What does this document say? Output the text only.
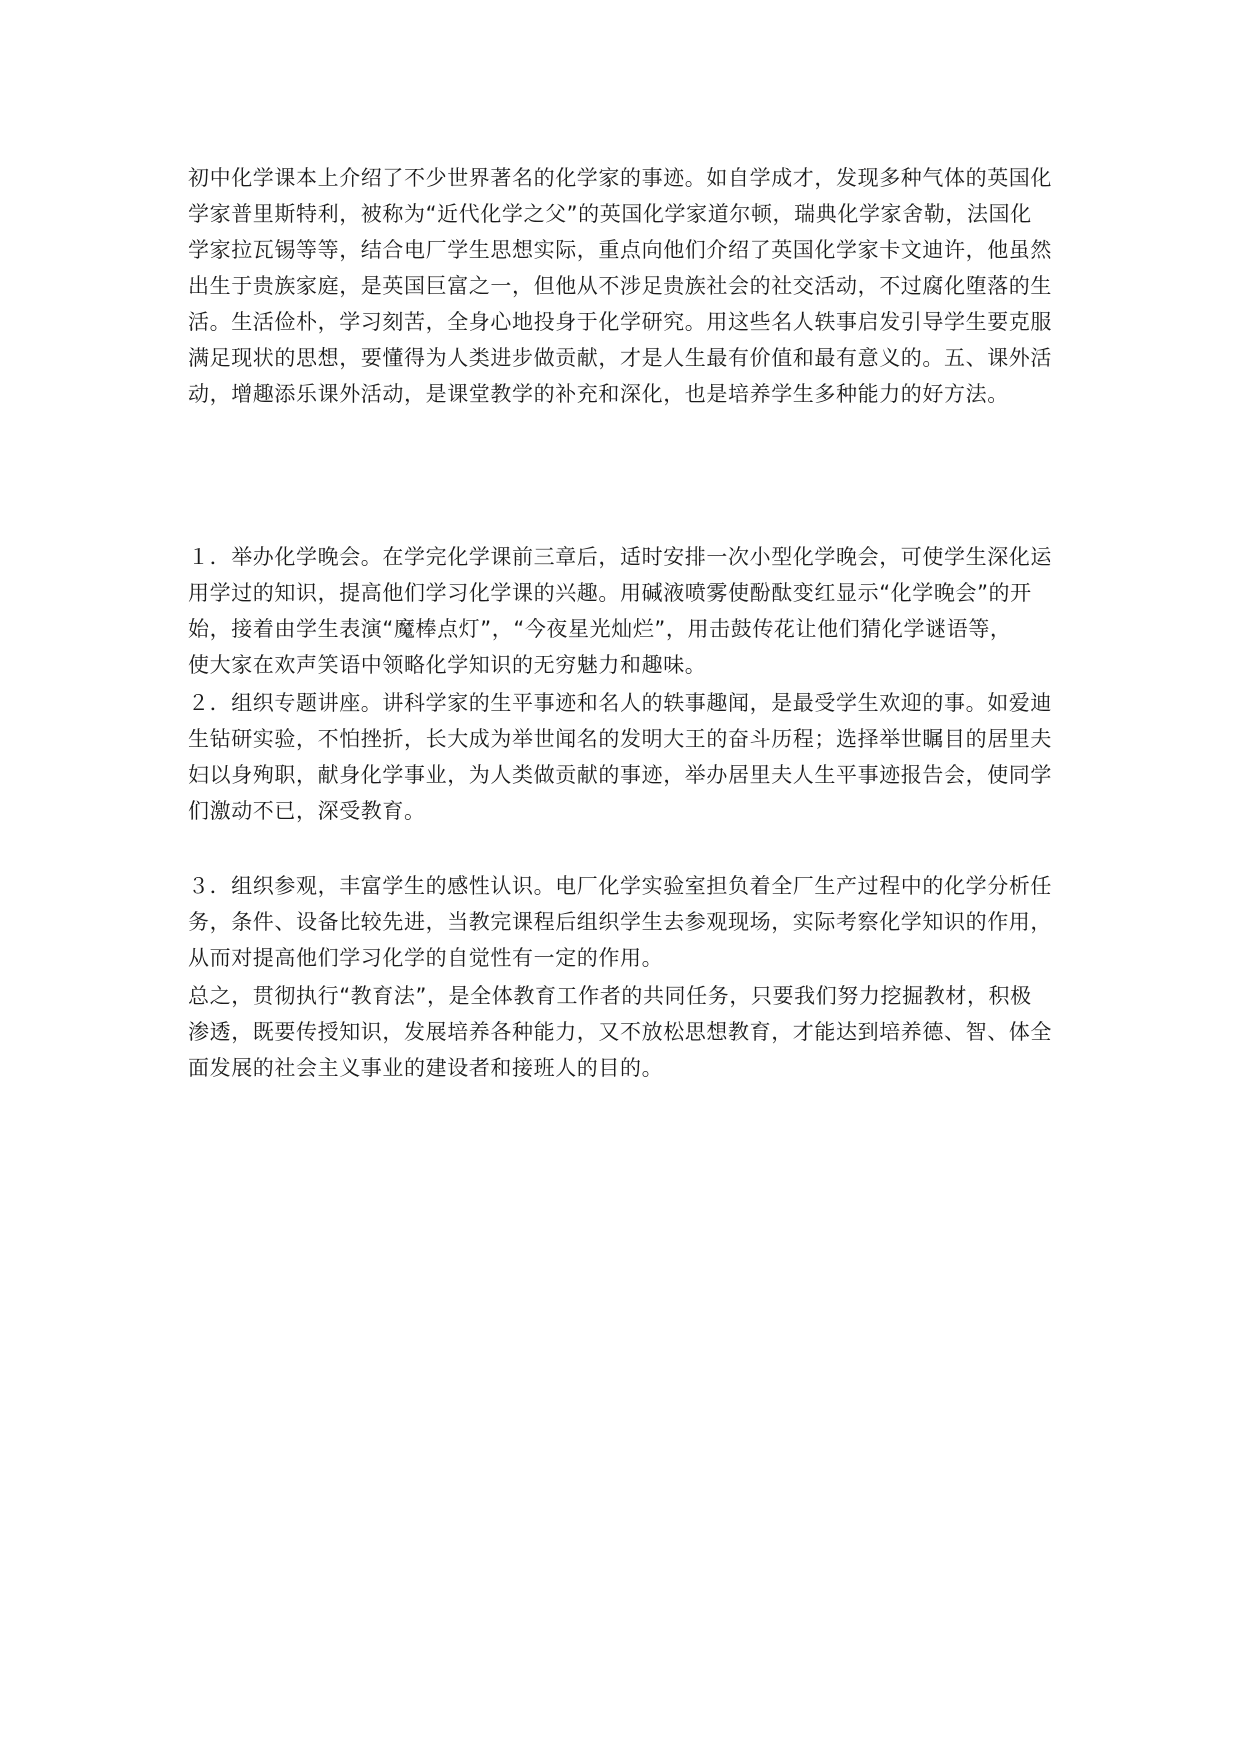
初中化学课本上介绍了不少世界著名的化学家的事迹。如自学成才，发现多种气体的英国化
学家普里斯特利，被称为“近代化学之父”的英国化学家道尔顿，瑞典化学家舍勒，法国化
学家拉瓦锡等等，结合电厂学生思想实际，重点向他们介绍了英国化学家卡文迪许，他虽然
出生于贵族家庭，是英国巨富之一，但他从不涉足贵族社会的社交活动，不过腐化堕落的生
活。生活俭朴，学习刻苦，全身心地投身于化学研究。用这些名人轶事启发引导学生要克服
满足现状的思想，要懂得为人类进步做贡献，才是人生最有价值和最有意义的。五、课外活
动，增趣添乐课外活动，是课堂教学的补充和深化，也是培养学生多种能力的好方法。
１．举办化学晚会。在学完化学课前三章后，适时安排一次小型化学晚会，可使学生深化运
用学过的知识，提高他们学习化学课的兴趣。用碱液喷雾使酚酞变红显示“化学晚会”的开
始，接着由学生表演“魔棒点灯”，“今夜星光灿烂”，用击鼓传花让他们猜化学谜语等，
使大家在欢声笑语中领略化学知识的无穷魅力和趣味。
２．组织专题讲座。讲科学家的生平事迹和名人的轶事趣闻，是最受学生欢迎的事。如爱迪
生钻研实验，不怕挫折，长大成为举世闻名的发明大王的奋斗历程；选择举世瞩目的居里夫
妇以身殉职，献身化学事业，为人类做贡献的事迹，举办居里夫人生平事迹报告会，使同学
们激动不已，深受教育。
３．组织参观，丰富学生的感性认识。电厂化学实验室担负着全厂生产过程中的化学分析任
务，条件、设备比较先进，当教完课程后组织学生去参观现场，实际考察化学知识的作用，
从而对提高他们学习化学的自觉性有一定的作用。
总之，贯彻执行“教育法”，是全体教育工作者的共同任务，只要我们努力挖掘教材，积极
渗透，既要传授知识，发展培养各种能力，又不放松思想教育，才能达到培养德、智、体全
面发展的社会主义事业的建设者和接班人的目的。
